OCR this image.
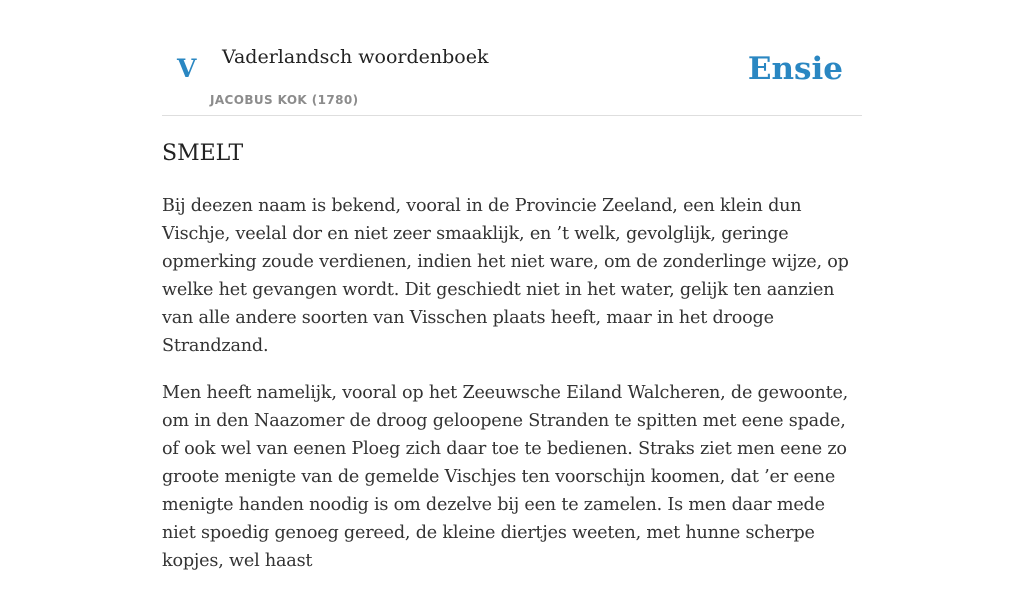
V Vaderlandsch woordenboek
JACOBUS KOK (1780)
Ensie
SMELT

Bij deezen naam is bekend, vooral in de Provincie Zeeland, een klein dun Vischje, veelal dor en niet zeer smaaklijk, en ’t welk, gevolglijk, geringe opmerking zoude verdienen, indien het niet ware, om de zonderlinge wijze, op welke het gevangen wordt. Dit geschiedt niet in het water, gelijk ten aanzien van alle andere soorten van Visschen plaats heeft, maar in het drooge Strandzand.

Men heeft namelijk, vooral op het Zeeuwsche Eiland Walcheren, de gewoonte, om in den Naazomer de droog geloopene Stranden te spitten met eene spade, of ook wel van eenen Ploeg zich daar toe te bedienen. Straks ziet men eene zo groote menigte van de gemelde Vischjes ten voorschijn koomen, dat ’er eene menigte handen noodig is om dezelve bij een te zamelen. Is men daar mede niet spoedig genoeg gereed, de kleine diertjes weeten, met hunne scherpe kopjes, wel haast
